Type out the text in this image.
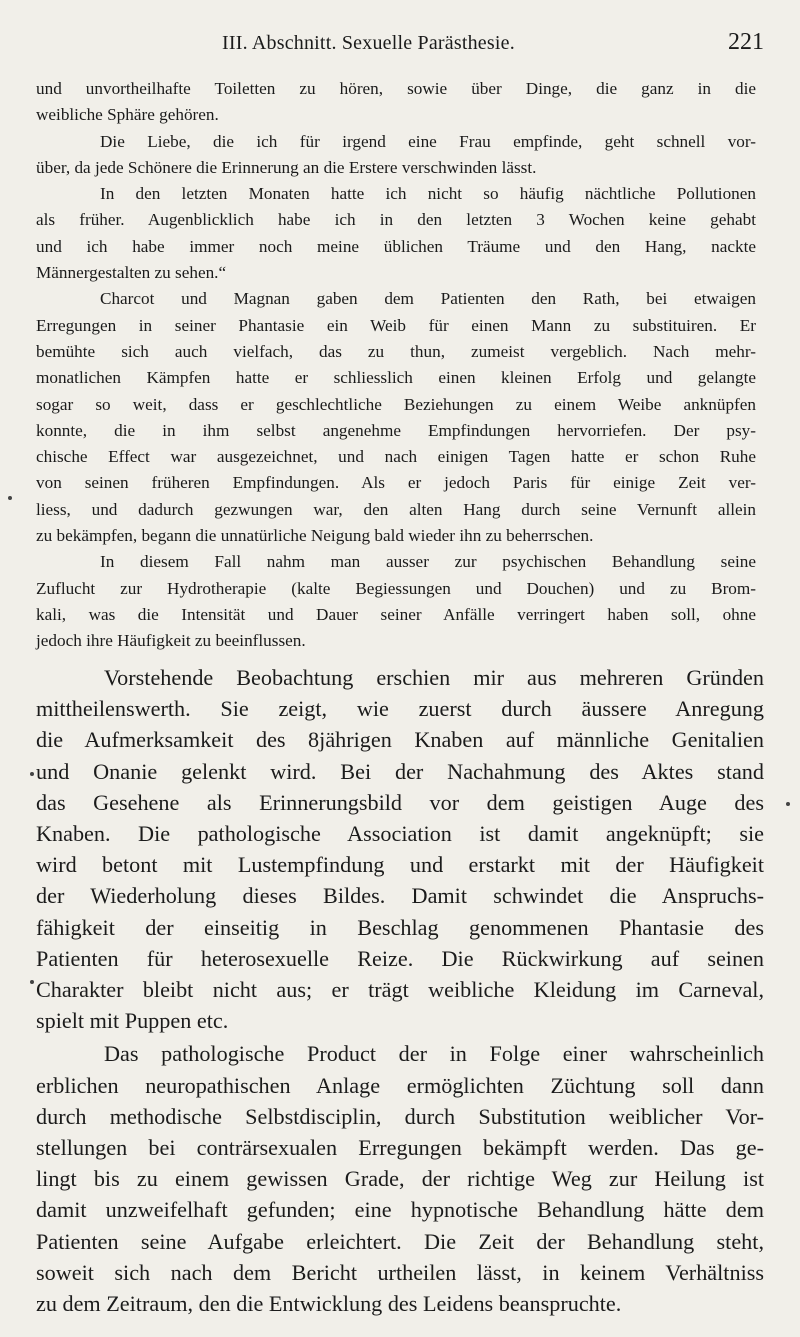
III. Abschnitt. Sexuelle Parästhesie.	221

und unvortheilhafte Toiletten zu hören, sowie über Dinge, die ganz in die
weibliche Sphäre gehören.

Die Liebe, die ich für irgend eine Frau empfinde, geht schnell vor-
über, da jede Schönere die Erinnerung an die Erstere verschwinden lässt.

In den letzten Monaten hatte ich nicht so häufig nächtliche Pollutionen
als früher. Augenblicklich habe ich in den letzten 3 Wochen keine gehabt
und ich habe immer noch meine üblichen Träume und den Hang, nackte
Männergestalten zu sehen.“

Charcot und Magnan gaben dem Patienten den Rath, bei etwaigen
Erregungen in seiner Phantasie ein Weib für einen Mann zu substituiren. Er
bemühte sich auch vielfach, das zu thun, zumeist vergeblich. Nach mehr-
monatlichen Kämpfen hatte er schliesslich einen kleinen Erfolg und gelangte
sogar so weit, dass er geschlechtliche Beziehungen zu einem Weibe anknüpfen
konnte, die in ihm selbst angenehme Empfindungen hervorriefen. Der psy-
chische Effect war ausgezeichnet, und nach einigen Tagen hatte er schon Ruhe
von seinen früheren Empfindungen. Als er jedoch Paris für einige Zeit ver-
liess, und dadurch gezwungen war, den alten Hang durch seine Vernunft allein
zu bekämpfen, begann die unnatürliche Neigung bald wieder ihn zu beherrschen.

In diesem Fall nahm man ausser zur psychischen Behandlung seine
Zuflucht zur Hydrotherapie (kalte Begiessungen und Douchen) und zu Brom-
kali, was die Intensität und Dauer seiner Anfälle verringert haben soll, ohne
jedoch ihre Häufigkeit zu beeinflussen.

Vorstehende Beobachtung erschien mir aus mehreren Gründen
mittheilenswerth. Sie zeigt, wie zuerst durch äussere Anregung
die Aufmerksamkeit des 8jährigen Knaben auf männliche Genitalien
und Onanie gelenkt wird. Bei der Nachahmung des Aktes stand
das Gesehene als Erinnerungsbild vor dem geistigen Auge des
Knaben. Die pathologische Association ist damit angeknüpft; sie
wird betont mit Lustempfindung und erstarkt mit der Häufigkeit
der Wiederholung dieses Bildes. Damit schwindet die Anspruchs-
fähigkeit der einseitig in Beschlag genommenen Phantasie des
Patienten für heterosexuelle Reize. Die Rückwirkung auf seinen
Charakter bleibt nicht aus; er trägt weibliche Kleidung im Carneval,
spielt mit Puppen etc.

Das pathologische Product der in Folge einer wahrscheinlich
erblichen neuropathischen Anlage ermöglichten Züchtung soll dann
durch methodische Selbstdisciplin, durch Substitution weiblicher Vor-
stellungen bei conträrsexualen Erregungen bekämpft werden. Das ge-
lingt bis zu einem gewissen Grade, der richtige Weg zur Heilung ist
damit unzweifelhaft gefunden; eine hypnotische Behandlung hätte dem
Patienten seine Aufgabe erleichtert. Die Zeit der Behandlung steht,
soweit sich nach dem Bericht urtheilen lässt, in keinem Verhältniss
zu dem Zeitraum, den die Entwicklung des Leidens beanspruchte.
